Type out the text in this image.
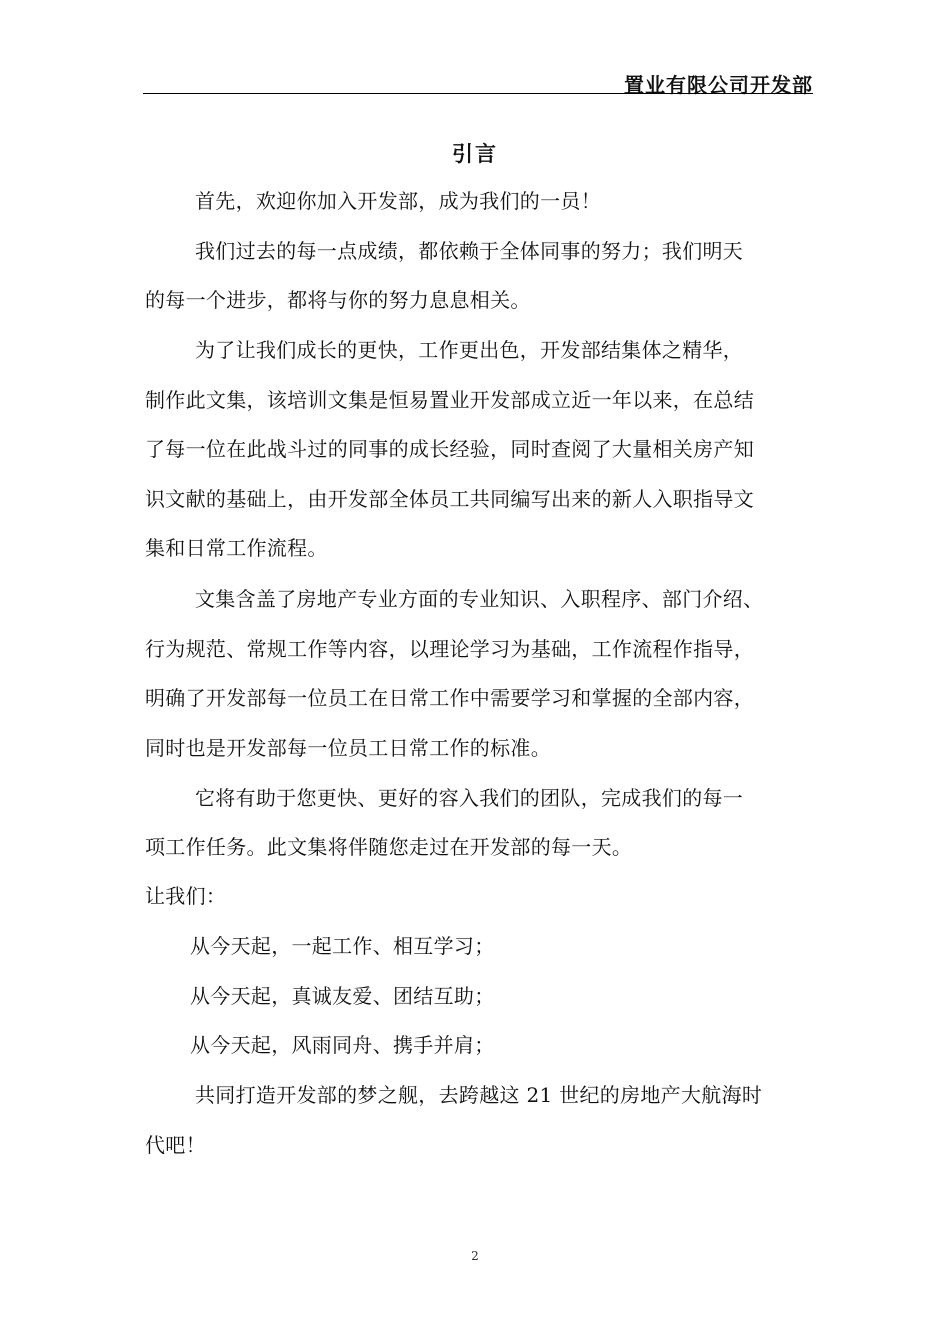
置业有限公司开发部
引言
首先，欢迎你加入开发部，成为我们的一员！
我们过去的每一点成绩，都依赖于全体同事的努力；我们明天
的每一个进步，都将与你的努力息息相关。
为了让我们成长的更快，工作更出色，开发部结集体之精华，
制作此文集，该培训文集是恒易置业开发部成立近一年以来，在总结
了每一位在此战斗过的同事的成长经验，同时查阅了大量相关房产知
识文献的基础上，由开发部全体员工共同编写出来的新人入职指导文
集和日常工作流程。
文集含盖了房地产专业方面的专业知识、入职程序、部门介绍、
行为规范、常规工作等内容，以理论学习为基础，工作流程作指导，
明确了开发部每一位员工在日常工作中需要学习和掌握的全部内容，
同时也是开发部每一位员工日常工作的标准。
它将有助于您更快、更好的容入我们的团队，完成我们的每一
项工作任务。此文集将伴随您走过在开发部的每一天。
让我们：
从今天起，一起工作、相互学习；
从今天起，真诚友爱、团结互助；
从今天起，风雨同舟、携手并肩；
共同打造开发部的梦之舰，去跨越这 21 世纪的房地产大航海时
代吧！
2
